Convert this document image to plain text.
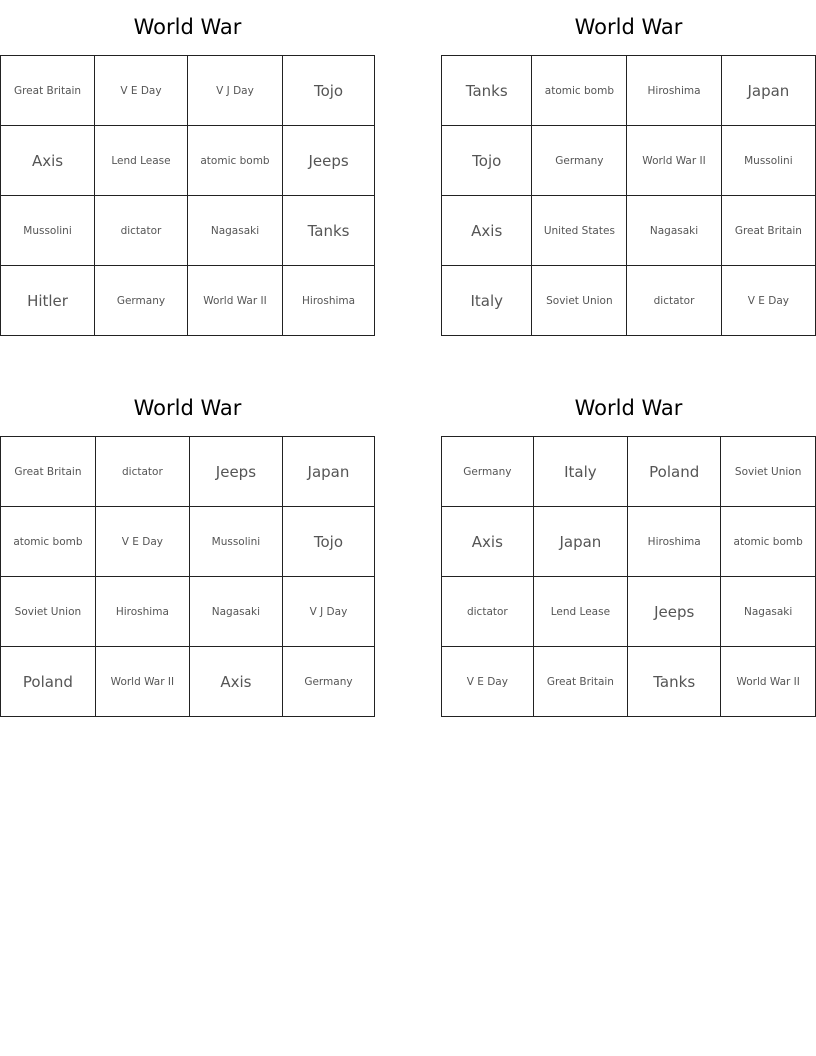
World War
Great Britain	V E Day	V J Day	Tojo
Axis	Lend Lease	atomic bomb	Jeeps
Mussolini	dictator	Nagasaki	Tanks
Hitler	Germany	World War II	Hiroshima
World War
Tanks	atomic bomb	Hiroshima	Japan
Tojo	Germany	World War II	Mussolini
Axis	United States	Nagasaki	Great Britain
Italy	Soviet Union	dictator	V E Day
World War
Great Britain	dictator	Jeeps	Japan
atomic bomb	V E Day	Mussolini	Tojo
Soviet Union	Hiroshima	Nagasaki	V J Day
Poland	World War II	Axis	Germany
World War
Germany	Italy	Poland	Soviet Union
Axis	Japan	Hiroshima	atomic bomb
dictator	Lend Lease	Jeeps	Nagasaki
V E Day	Great Britain	Tanks	World War II
